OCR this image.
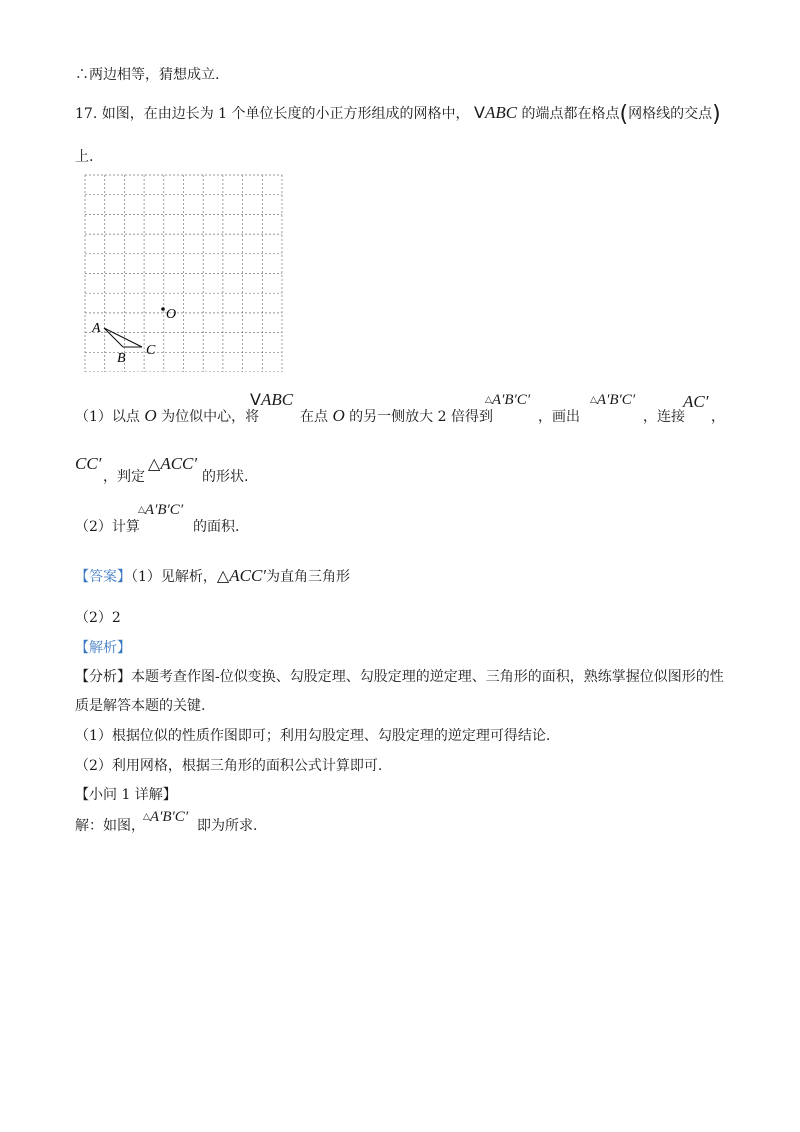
∴两边相等，猜想成立.
17. 如图，在由边长为 1 个单位长度的小正方形组成的网格中， VABC 的端点都在格点(网格线的交点)
上.
O
A
B
C
（1）以点 O 为位似中心，将
VABC
在点 O 的另一侧放大 2 倍得到
△A′B′C′
，画出
△A′B′C′
，连接
AC′
，
CC′
，判定
△ACC′
的形状.
（2）计算
△A′B′C′
的面积.
【答案】（1）见解析，△ACC′为直角三角形
（2）2
【解析】
【分析】本题考查作图-位似变换、勾股定理、勾股定理的逆定理、三角形的面积，熟练掌握位似图形的性
质是解答本题的关键.
（1）根据位似的性质作图即可；利用勾股定理、勾股定理的逆定理可得结论.
（2）利用网格，根据三角形的面积公式计算即可.
【小问 1 详解】
解：如图，
△A′B′C′
即为所求.
